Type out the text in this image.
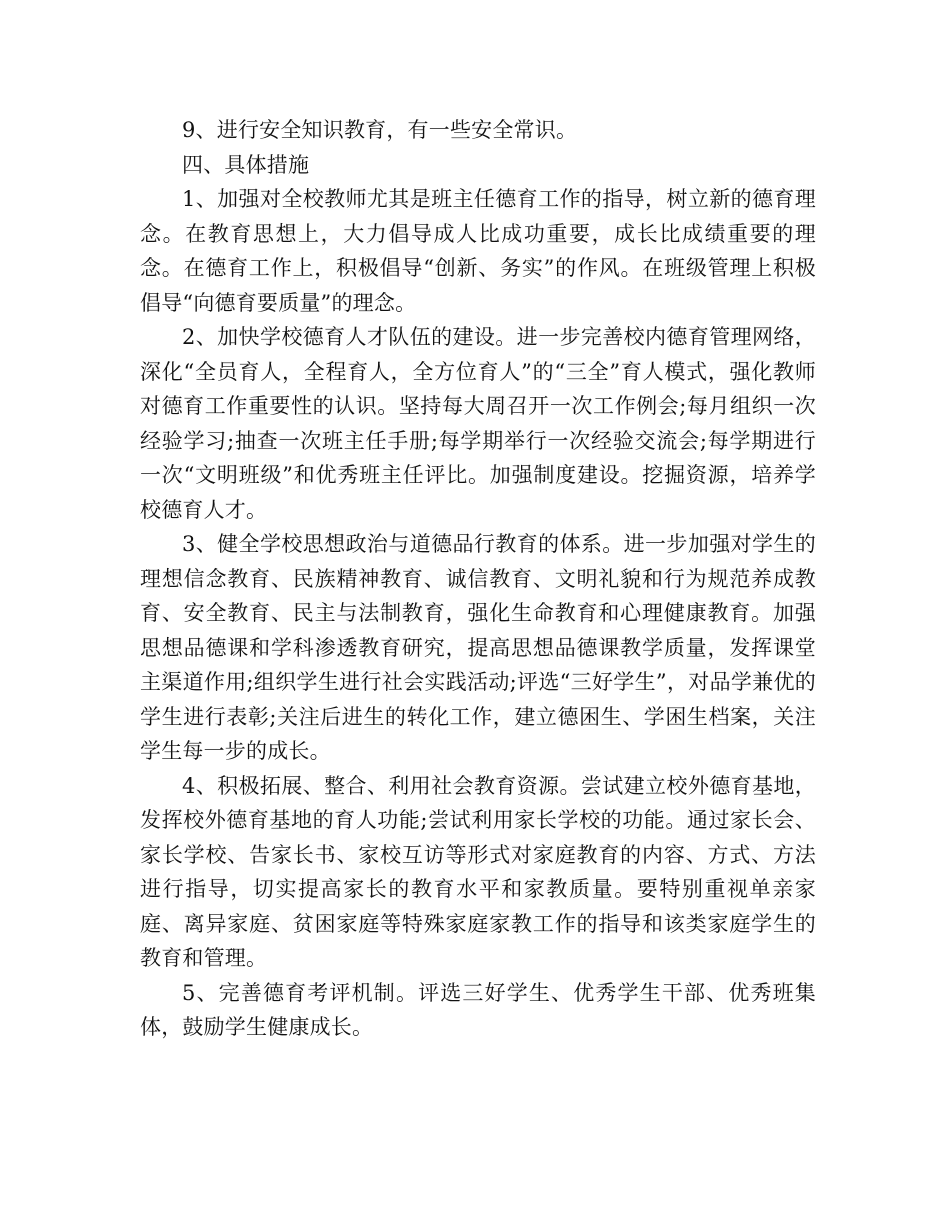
9、进行安全知识教育，有一些安全常识。

四、具体措施

1、加强对全校教师尤其是班主任德育工作的指导，树立新的德育理念。在教育思想上，大力倡导成人比成功重要，成长比成绩重要的理念。在德育工作上，积极倡导“创新、务实”的作风。在班级管理上积极倡导“向德育要质量”的理念。

2、加快学校德育人才队伍的建设。进一步完善校内德育管理网络，深化“全员育人，全程育人，全方位育人”的“三全”育人模式，强化教师对德育工作重要性的认识。坚持每大周召开一次工作例会;每月组织一次经验学习;抽查一次班主任手册;每学期举行一次经验交流会;每学期进行一次“文明班级”和优秀班主任评比。加强制度建设。挖掘资源，培养学校德育人才。

3、健全学校思想政治与道德品行教育的体系。进一步加强对学生的理想信念教育、民族精神教育、诚信教育、文明礼貌和行为规范养成教育、安全教育、民主与法制教育，强化生命教育和心理健康教育。加强思想品德课和学科渗透教育研究，提高思想品德课教学质量，发挥课堂主渠道作用;组织学生进行社会实践活动;评选“三好学生”，对品学兼优的学生进行表彰;关注后进生的转化工作，建立德困生、学困生档案，关注学生每一步的成长。

4、积极拓展、整合、利用社会教育资源。尝试建立校外德育基地，发挥校外德育基地的育人功能;尝试利用家长学校的功能。通过家长会、家长学校、告家长书、家校互访等形式对家庭教育的内容、方式、方法进行指导，切实提高家长的教育水平和家教质量。要特别重视单亲家庭、离异家庭、贫困家庭等特殊家庭家教工作的指导和该类家庭学生的教育和管理。

5、完善德育考评机制。评选三好学生、优秀学生干部、优秀班集体，鼓励学生健康成长。
